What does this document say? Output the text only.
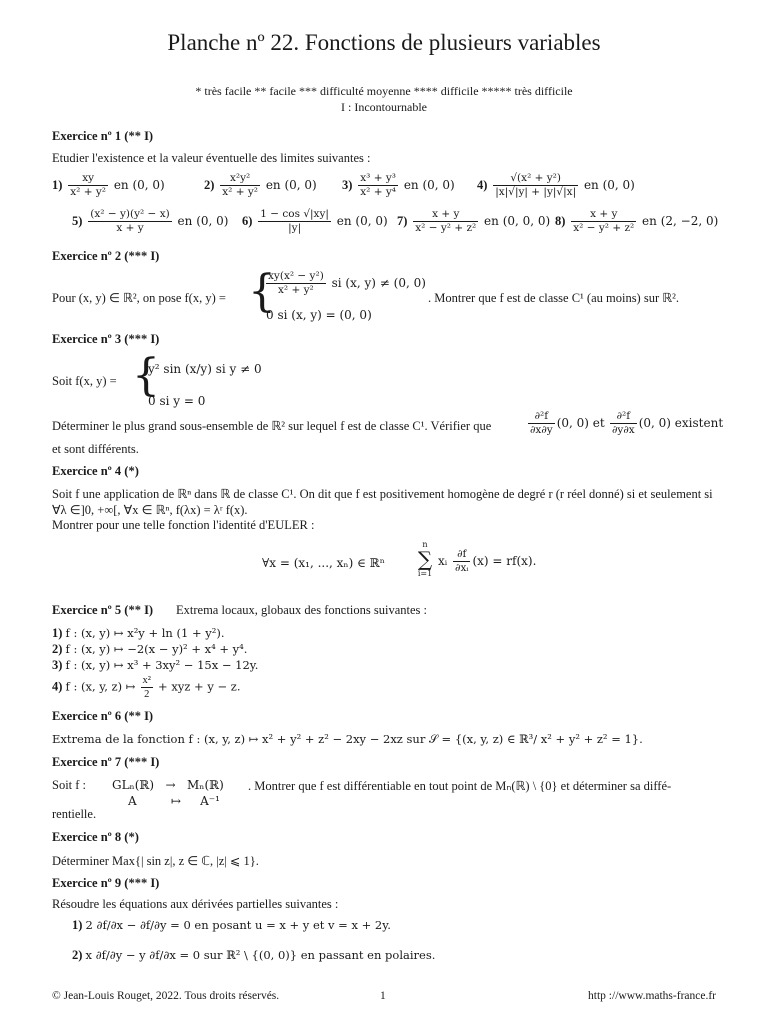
Planche nº 22. Fonctions de plusieurs variables
* très facile ** facile *** difficulté moyenne **** difficile ***** très difficile
I : Incontournable
Exercice nº 1 (** I)
Etudier l'existence et la valeur éventuelle des limites suivantes :
$1) \frac{xy}{\text{x² + y²}}$ en (0, 0)	$2) \frac{\text{x²y²}}{\text{x² + y²}}$ en (0, 0) $3) \frac{\text{x³ + y³}}{\text{x² + y⁴}}$ en (0, 0) $4) \frac{\text{√(x² + y²)}}{|x|√|y| + |y|√|x|}$ en (0, 0)
$5) \frac{\text{(x² − y)(y² − x)}}{x + y}$ en (0, 0) $6) \frac{1 - \cos √|xy|}{|y|}$ en (0, 0) $7) \frac{x + y}{\text{x² − y² + z²}}$ en (0, 0, 0) $8) \frac{x + y}{\text{x² − y² + z²}}$ en (2, −2, 0)
Exercice nº 2 (*** I)
Pour (x, y) ∈ ℝ², on pose f(x, y) = {
$\frac{\text{xy(x² − y²)}}{\text{x² + y²}}$ si (x, y) ≠ (0, 0)
0 si (x, y) = (0, 0)
. Montrer que f est de classe C¹ (au moins) sur ℝ².
Exercice nº 3 (*** I)
Soit f(x, y) = {
y² sin (x/y) si y ≠ 0
0 si y = 0
Déterminer le plus grand sous-ensemble de ℝ² sur lequel f est de classe C¹. Vérifier que	$\frac{\text{∂²f}}{\partial x\partial y} (0$, 0) et $\frac{\text{∂²f}}{\partial y\partial x} (0$, 0) existent
et sont différents.
Exercice nº 4 (*)
Soit f une application de ℝⁿ dans ℝ de classe C¹. On dit que f est positivement homogène de degré r (r réel donné) si et seulement si ∀λ ∈]0, +∞[, ∀x ∈ ℝⁿ, f(λx) = λʳ f(x).
Montrer pour une telle fonction l'identité d'EULER :
∀x = (x₁, ..., xₙ) ∈ ℝⁿ
n
∑
i=1
xᵢ $\frac{\partial f}{\text{∂xᵢ}} (x) = rf(x)$.
Exercice nº 5 (** I) Extrema locaux, globaux des fonctions suivantes :
1) f : (x, y) ↦ x²y + ln (1 + y²).
2) f : (x, y) ↦ −2(x − y)² + x⁴ + y⁴.
3) f : (x, y) ↦ x³ + 3xy² − 15x − 12y.
4) f : (x, y, z) ↦ $\frac{\text{x²}}{2}$ + xyz + y − z.
Exercice nº 6 (** I)
Extrema de la fonction f : (x, y, z) ↦ x² + y² + z² − 2xy − 2xz sur 𝒮 = {(x, y, z) ∈ ℝ³/ x² + y² + z² = 1}.
Exercice nº 7 (*** I)
Soit f : GLₙ(ℝ)   →   Mₙ(ℝ)
A         ↦     A⁻¹
. Montrer que f est différentiable en tout point de Mₙ(ℝ) \ {0} et déterminer sa diffé-
rentielle.
Exercice nº 8 (*)
Déterminer Max{| sin z|, z ∈ ℂ, |z| ⩽ 1}.
Exercice nº 9 (*** I)
Résoudre les équations aux dérivées partielles suivantes :
1) 2 ∂f/∂x − ∂f/∂y = 0 en posant u = x + y et v = x + 2y.
2) x ∂f/∂y − y ∂f/∂x = 0 sur ℝ² \ {(0, 0)} en passant en polaires.
© Jean-Louis Rouget, 2022. Tous droits réservés.	1	http ://www.maths-france.fr
